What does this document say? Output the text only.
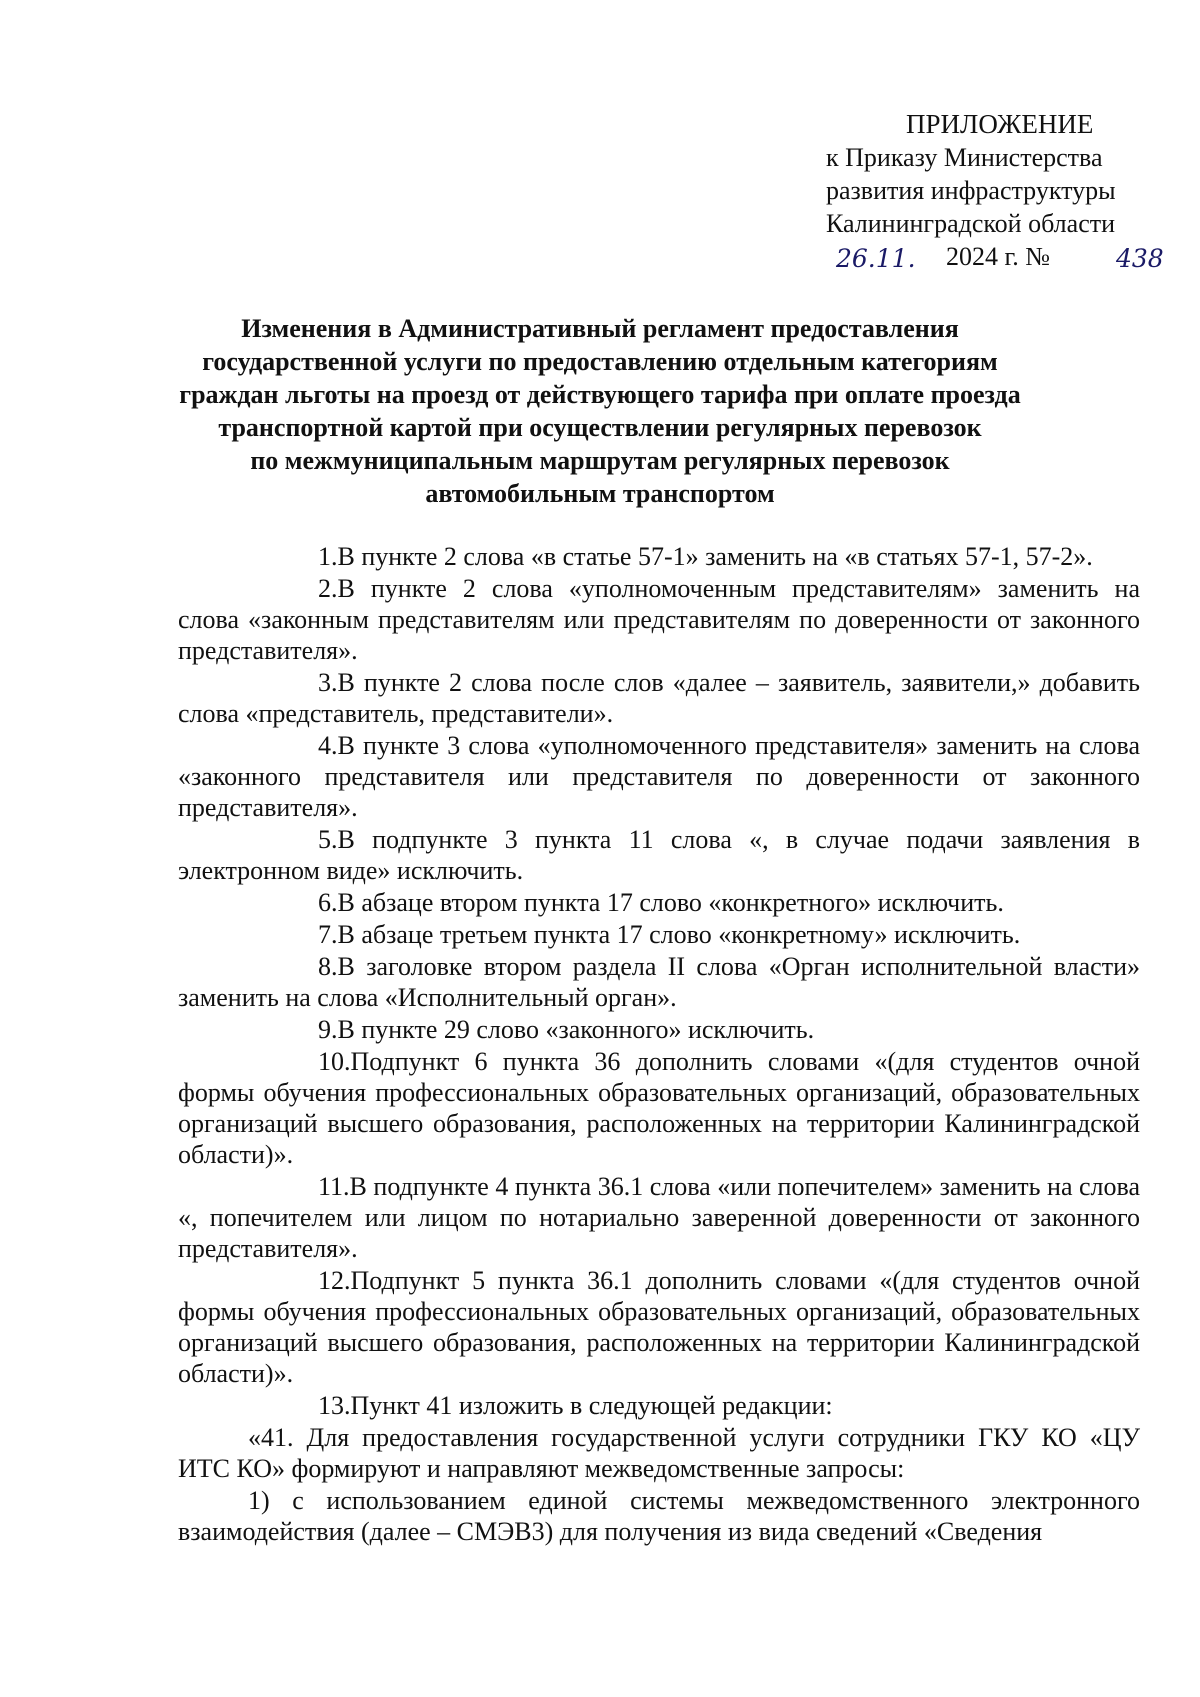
ПРИЛОЖЕНИЕ
к Приказу Министерства
развития инфраструктуры
Калининградской области
26.11. 2024 г. №	438
Изменения в Административный регламент предоставления
государственной услуги по предоставлению отдельным категориям
граждан льготы на проезд от действующего тарифа при оплате проезда
транспортной картой при осуществлении регулярных перевозок
по межмуниципальным маршрутам регулярных перевозок
автомобильным транспортом

1.В пункте 2 слова «в статье 57-1» заменить на «в статьях 57-1, 57-2».

2.В пункте 2 слова «уполномоченным представителям» заменить на слова «законным представителям или представителям по доверенности от законного представителя».

3.В пункте 2 слова после слов «далее – заявитель, заявители,» добавить слова «представитель, представители».

4.В пункте 3 слова «уполномоченного представителя» заменить на слова «законного представителя или представителя по доверенности от законного представителя».

5.В подпункте 3 пункта 11 слова «, в случае подачи заявления в электронном виде» исключить.

6.В абзаце втором пункта 17 слово «конкретного» исключить.

7.В абзаце третьем пункта 17 слово «конкретному» исключить.

8.В заголовке втором раздела II слова «Орган исполнительной власти» заменить на слова «Исполнительный орган».

9.В пункте 29 слово «законного» исключить.

10.Подпункт 6 пункта 36 дополнить словами «(для студентов очной формы обучения профессиональных образовательных организаций, образовательных организаций высшего образования, расположенных на территории Калининградской области)».

11.В подпункте 4 пункта 36.1 слова «или попечителем» заменить на слова «, попечителем или лицом по нотариально заверенной доверенности от законного представителя».

12.Подпункт 5 пункта 36.1 дополнить словами «(для студентов очной формы обучения профессиональных образовательных организаций, образовательных организаций высшего образования, расположенных на территории Калининградской области)».

13.Пункт 41 изложить в следующей редакции:

«41. Для предоставления государственной услуги сотрудники ГКУ КО «ЦУ ИТС КО» формируют и направляют межведомственные запросы:

1) с использованием единой системы межведомственного электронного взаимодействия (далее – СМЭВ3) для получения из вида сведений «Сведения
